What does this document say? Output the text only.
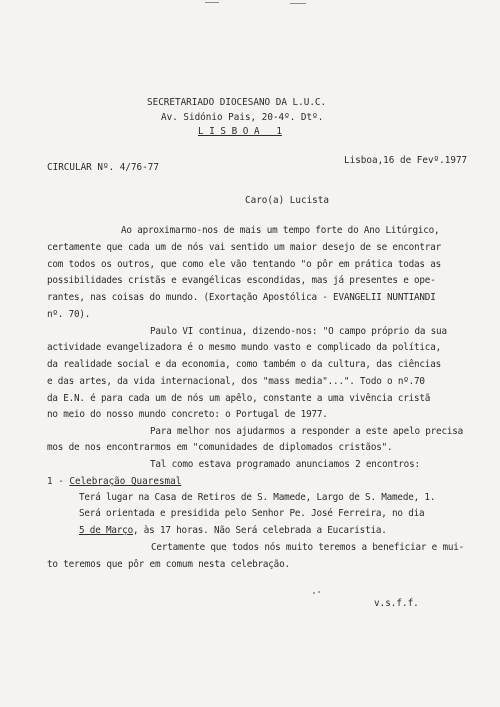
SECRETARIADO DIOCESANO DA L.U.C.
Av. Sidónio Pais, 20-4º. Dtº.
L I S B O A   1
CIRCULAR Nº. 4/76-77
Lisboa,16 de Fevº.1977
Caro(a) Lucista
Ao aproximarmo-nos de mais um tempo forte do Ano Litúrgico,
certamente que cada um de nós vai sentido um maior desejo de se encontrar
com todos os outros, que como ele vão tentando "o pôr em prática todas as
possibilidades cristãs e evangélicas escondidas, mas já presentes e ope-
rantes, nas coisas do mundo. (Exortação Apostólica - EVANGELII NUNTIANDI
nº. 70).
Paulo VI continua, dizendo-nos: "O campo próprio da sua
actividade evangelizadora é o mesmo mundo vasto e complicado da política,
da realidade social e da economia, como também o da cultura, das ciências
e das artes, da vida internacional, dos "mass media"...". Todo o nº.70
da E.N. é para cada um de nós um apêlo, constante a uma vivência cristã
no meio do nosso mundo concreto: o Portugal de 1977.
Para melhor nos ajudarmos a responder a este apelo precisa
mos de nos encontrarmos em "comunidades de diplomados cristãos".
Tal como estava programado anunciamos 2 encontros:
1 - Celebração Quaresmal
Terá lugar na Casa de Retiros de S. Mamede, Largo de S. Mamede, 1.
Será orientada e presidida pelo Senhor Pe. José Ferreira, no dia
5 de Março, às 17 horas. Não Será celebrada a Eucaristia.
Certamente que todos nós muito teremos a beneficiar e mui-
to teremos que pôr em comum nesta celebração.
v.s.f.f.
